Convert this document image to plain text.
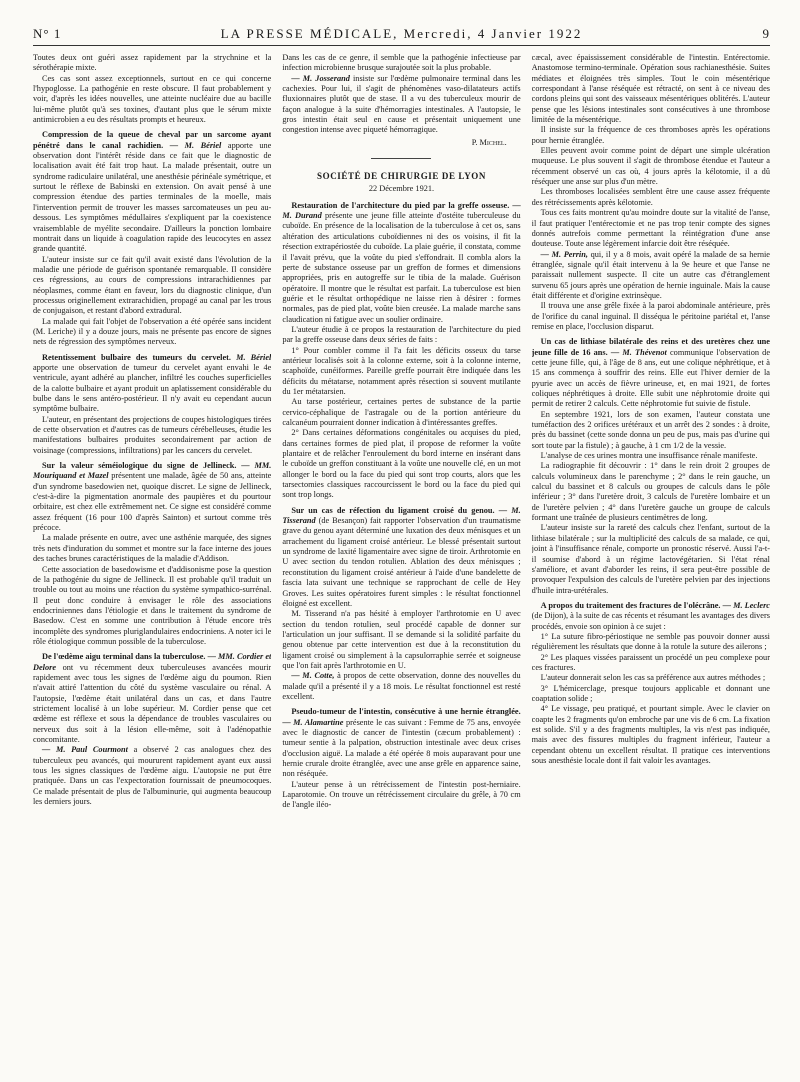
N° 1	LA PRESSE MÉDICALE, Mercredi, 4 Janvier 1922	9

Toutes deux ont guéri assez rapidement par la strychnine et la sérothérapie mixte.

Ces cas sont assez exceptionnels, surtout en ce qui concerne l'hypoglosse. La pathogénie en reste obscure. Il faut probablement y voir, d'après les idées nouvelles, une atteinte nucléaire due au bacille lui-même plutôt qu'à ses toxines, d'autant plus que le sérum mixte antimicrobien a eu des résultats prompts et heureux.

Compression de la queue de cheval par un sarcome ayant pénétré dans le canal rachidien. — M. Bériel apporte une observation dont l'intérêt réside dans ce fait que le diagnostic de localisation avait été fait trop haut. La malade présentait, outre un syndrome radiculaire unilatéral, une anesthésie périnéale symétrique, et surtout le réflexe de Babinski en extension. On avait pensé à une compression étendue des parties terminales de la moelle, mais l'intervention permit de trouver les masses sarcomateuses un peu au-dessous. Les symptômes médullaires s'expliquent par la coexistence vraisemblable de myélite secondaire. D'ailleurs la ponction lombaire montrait dans un liquide à coagulation rapide des leucocytes en assez grande quantité.

L'auteur insiste sur ce fait qu'il avait existé dans l'évolution de la maladie une période de guérison spontanée remarquable. Il considère ces régressions, au cours de compressions intrarachidiennes par néoplasmes, comme étant en faveur, lors du diagnostic clinique, d'un processus originellement extrarachidien, propagé au canal par les trous de conjugaison, et restant d'abord extradural.

La malade qui fait l'objet de l'observation a été opérée sans incident (M. Leriche) il y a douze jours, mais ne présente pas encore de signes nets de régression des symptômes nerveux.

Retentissement bulbaire des tumeurs du cervelet. M. Bériel apporte une observation de tumeur du cervelet ayant envahi le 4e ventricule, ayant adhéré au plancher, infiltré les couches superficielles de la calotte bulbaire et ayant produit un aplatissement considérable du bulbe dans le sens antéro-postérieur. Il n'y avait eu cependant aucun symptôme bulbaire.

L'auteur, en présentant des projections de coupes histologiques tirées de cette observation et d'autres cas de tumeurs cérébelleuses, étudie les manifestations bulbaires produites secondairement par action de voisinage (compressions, infiltrations) par les cancers du cervelet.

Sur la valeur séméiologique du signe de Jellineck. — MM. Mouriquand et Mazel présentent une malade, âgée de 50 ans, atteinte d'un syndrome basedowien net, quoique discret. Le signe de Jellineck, c'est-à-dire la pigmentation anormale des paupières et du pourtour orbitaire, est chez elle extrêmement net. Ce signe est considéré comme assez fréquent (16 pour 100 d'après Sainton) et surtout comme très précoce.

La malade présente en outre, avec une asthénie marquée, des signes très nets d'induration du sommet et montre sur la face interne des joues des taches brunes caractéristiques de la maladie d'Addison.

Cette association de basedowisme et d'addisonisme pose la question de la pathogénie du signe de Jellineck. Il est probable qu'il traduit un trouble ou tout au moins une réaction du système sympathico-surrénal. Il peut donc conduire à envisager le rôle des associations endocriniennes dans l'étiologie et dans le traitement du syndrome de Basedow. C'est en somme une contribution à l'étude encore très incomplète des syndromes pluriglandulaires endocriniens. A noter ici le rôle étiologique commun possible de la tuberculose.

De l'œdème aigu terminal dans la tuberculose. — MM. Cordier et Delore ont vu récemment deux tuberculeuses avancées mourir rapidement avec tous les signes de l'œdème aigu du poumon. Rien n'avait attiré l'attention du côté du système vasculaire ou rénal. A l'autopsie, l'œdème était unilatéral dans un cas, et dans l'autre strictement localisé à un lobe supérieur. M. Cordier pense que cet œdème est réflexe et sous la dépendance de troubles vasculaires ou nerveux dus soit à la lésion elle-même, soit à l'adénopathie concomitante.

— M. Paul Courmont a observé 2 cas analogues chez des tuberculeux peu avancés, qui moururent rapidement ayant eux aussi tous les signes classiques de l'œdème aigu. L'autopsie ne put être pratiquée. Dans un cas l'expectoration fournissait de pneumocoques. Ce malade présentait de plus de l'albuminurie, qui augmenta beaucoup les derniers jours.

Dans les cas de ce genre, il semble que la pathogénie infectieuse par infection microbienne brusque surajoutée soit la plus probable.

— M. Josserand insiste sur l'œdème pulmonaire terminal dans les cachexies. Pour lui, il s'agit de phénomènes vaso-dilatateurs actifs fluxionnaires plutôt que de stase. Il a vu des tuberculeux mourir de façon analogue à la suite d'hémorragies intestinales. A l'autopsie, le gros intestin était seul en cause et présentait uniquement une congestion intense avec piqueté hémorragique.

P. Michel.

SOCIÉTÉ DE CHIRURGIE DE LYON
22 Décembre 1921.
Restauration de l'architecture du pied par la greffe osseuse. — M. Durand présente une jeune fille atteinte d'ostéite tuberculeuse du cuboïde. En présence de la localisation de la tuberculose à cet os, sans altération des articulations cuboïdiennes ni des os voisins, il fit la résection extrapériostée du cuboïde. La plaie guérie, il constata, comme il l'avait prévu, que la voûte du pied s'effondrait. Il combla alors la perte de substance osseuse par un greffon de formes et dimensions appropriées, pris en autogreffe sur le tibia de la malade. Guérison opératoire. Il montre que le résultat est parfait. La tuberculose est bien guérie et le résultat orthopédique ne laisse rien à désirer : formes normales, pas de pied plat, voûte bien creusée. La malade marche sans claudication ni fatigue avec un soulier ordinaire.

L'auteur étudie à ce propos la restauration de l'architecture du pied par la greffe osseuse dans deux séries de faits :

1° Pour combler comme il l'a fait les déficits osseux du tarse antérieur localisés soit à la colonne externe, soit à la colonne interne, scaphoïde, cunéiformes. Pareille greffe pourrait être indiquée dans les déficits du métatarse, notamment après résection si souvent mutilante du 1er métatarsien.

Au tarse postérieur, certaines pertes de substance de la partie cervico-céphalique de l'astragale ou de la portion antérieure du calcanéum pourraient donner indication à d'intéressantes greffes.

2° Dans certaines déformations congénitales ou acquises du pied, dans certaines formes de pied plat, il propose de reformer la voûte plantaire et de relâcher l'enroulement du bord interne en insérant dans le cuboïde un greffon constituant à la voûte une nouvelle clé, en un mot allonger le bord ou la face du pied qui sont trop courts, alors que les tarsectomies classiques raccourcissent le bord ou la face du pied qui sont trop longs.

Sur un cas de réfection du ligament croisé du genou. — M. Tisserand (de Besançon) fait rapporter l'observation d'un traumatisme grave du genou ayant déterminé une luxation des deux ménisques et un arrachement du ligament croisé antérieur. Le blessé présentait surtout un syndrome de laxité ligamentaire avec signe de tiroir. Arthrotomie en U avec section du tendon rotulien. Ablation des deux ménisques ; reconstitution du ligament croisé antérieur à l'aide d'une bandelette de fascia lata suivant une technique se rapprochant de celle de Hey Groves. Les suites opératoires furent simples : le résultat fonctionnel éloigné est excellent.

M. Tisserand n'a pas hésité à employer l'arthrotomie en U avec section du tendon rotulien, seul procédé capable de donner sur l'articulation un jour suffisant. Il se demande si la solidité parfaite du genou obtenue par cette intervention est due à la reconstitution du ligament croisé ou simplement à la capsulorraphie serrée et soigneuse que l'on fait après l'arthrotomie en U.

— M. Cotte, à propos de cette observation, donne des nouvelles du malade qu'il a présenté il y a 18 mois. Le résultat fonctionnel est resté excellent.

Pseudo-tumeur de l'intestin, consécutive à une hernie étranglée. — M. Alamartine présente le cas suivant : Femme de 75 ans, envoyée avec le diagnostic de cancer de l'intestin (cæcum probablement) : tumeur sentie à la palpation, obstruction intestinale avec deux crises d'occlusion aiguë. La malade a été opérée 8 mois auparavant pour une hernie crurale droite étranglée, avec une anse grêle en apparence saine, non réséquée.

L'auteur pense à un rétrécissement de l'intestin post-herniaire. Laparotomie. On trouve un rétrécissement circulaire du grêle, à 70 cm de l'angle iléo-

cæcal, avec épaississement considérable de l'intestin. Entérectomie. Anastomose termino-terminale. Opération sous rachianesthésie. Suites médiates et éloignées très simples. Tout le coin mésentérique correspondant à l'anse réséquée est rétracté, on sent à ce niveau des cordons pleins qui sont des vaisseaux mésentériques oblitérés. L'auteur pense que les lésions intestinales sont consécutives à une thrombose limitée de la mésentérique.

Il insiste sur la fréquence de ces thromboses après les opérations pour hernie étranglée.

Elles peuvent avoir comme point de départ une simple ulcération muqueuse. Le plus souvent il s'agit de thrombose étendue et l'auteur a récemment observé un cas où, 4 jours après la kélotomie, il a dû réséquer une anse sur plus d'un mètre.

Les thromboses localisées semblent être une cause assez fréquente des rétrécissements après kélotomie.

Tous ces faits montrent qu'au moindre doute sur la vitalité de l'anse, il faut pratiquer l'entérectomie et ne pas trop tenir compte des signes donnés autrefois comme permettant la réintégration d'une anse douteuse. Toute anse légèrement infarcie doit être réséquée.

— M. Perrin, qui, il y a 8 mois, avait opéré la malade de sa hernie étranglée, signale qu'il était intervenu à la 9e heure et que l'anse ne paraissait nullement suspecte. Il cite un autre cas d'étranglement survenu 65 jours après une opération de hernie inguinale. Mais la cause était différente et d'origine extrinsèque.

Il trouva une anse grêle fixée à la paroi abdominale antérieure, près de l'orifice du canal inguinal. Il disséqua le péritoine pariétal et, l'anse remise en place, l'occlusion disparut.

Un cas de lithiase bilatérale des reins et des uretères chez une jeune fille de 16 ans. — M. Thévenot communique l'observation de cette jeune fille, qui, à l'âge de 8 ans, eut une colique néphrétique, et à 15 ans commença à souffrir des reins. Elle eut l'hiver dernier de la pyurie avec un accès de fièvre urineuse, et, en mai 1921, de fortes coliques néphrétiques à droite. Elle subit une néphrotomie droite qui permit de retirer 2 calculs. Cette néphrotomie fut suivie de fistule.

En septembre 1921, lors de son examen, l'auteur constata une tuméfaction des 2 orifices urétéraux et un arrêt des 2 sondes : à droite, près du bassinet (cette sonde donna un peu de pus, mais pas d'urine qui sort toute par la fistule) ; à gauche, à 1 cm 1/2 de la vessie.

L'analyse de ces urines montra une insuffisance rénale manifeste.

La radiographie fit découvrir : 1° dans le rein droit 2 groupes de calculs volumineux dans le parenchyme ; 2° dans le rein gauche, un calcul du bassinet et 8 calculs ou groupes de calculs dans le pôle inférieur ; 3° dans l'uretère droit, 3 calculs de l'uretère lombaire et un de l'uretère pelvien ; 4° dans l'uretère gauche un groupe de calculs formant une traînée de plusieurs centimètres de long.

L'auteur insiste sur la rareté des calculs chez l'enfant, surtout de la lithiase bilatérale ; sur la multiplicité des calculs de sa malade, ce qui, joint à l'insuffisance rénale, comporte un pronostic réservé. Aussi l'a-t-il soumise d'abord à un régime lactovégétarien. Si l'état rénal s'améliore, et avant d'aborder les reins, il sera peut-être possible de provoquer l'expulsion des calculs de l'uretère pelvien par des injections d'huile intra-urétérales.

A propos du traitement des fractures de l'olécrâne. — M. Leclerc (de Dijon), à la suite de cas récents et résumant les avantages des divers procédés, envoie son opinion à ce sujet :

1° La suture fibro-périostique ne semble pas pouvoir donner aussi régulièrement les résultats que donne à la rotule la suture des ailerons ;

2° Les plaques vissées paraissent un procédé un peu complexe pour ces fractures.

L'auteur donnerait selon les cas sa préférence aux autres méthodes ;

3° L'hémicerclage, presque toujours applicable et donnant une coaptation solide ;

4° Le vissage, peu pratiqué, et pourtant simple. Avec le clavier on coapte les 2 fragments qu'on embroche par une vis de 6 cm. La fixation est solide. S'il y a des fragments multiples, la vis n'est pas indiquée, mais avec des fissures multiples du fragment inférieur, l'auteur a cependant obtenu un excellent résultat. Il pratique ces interventions sous anesthésie locale dont il fait valoir les avantages.
